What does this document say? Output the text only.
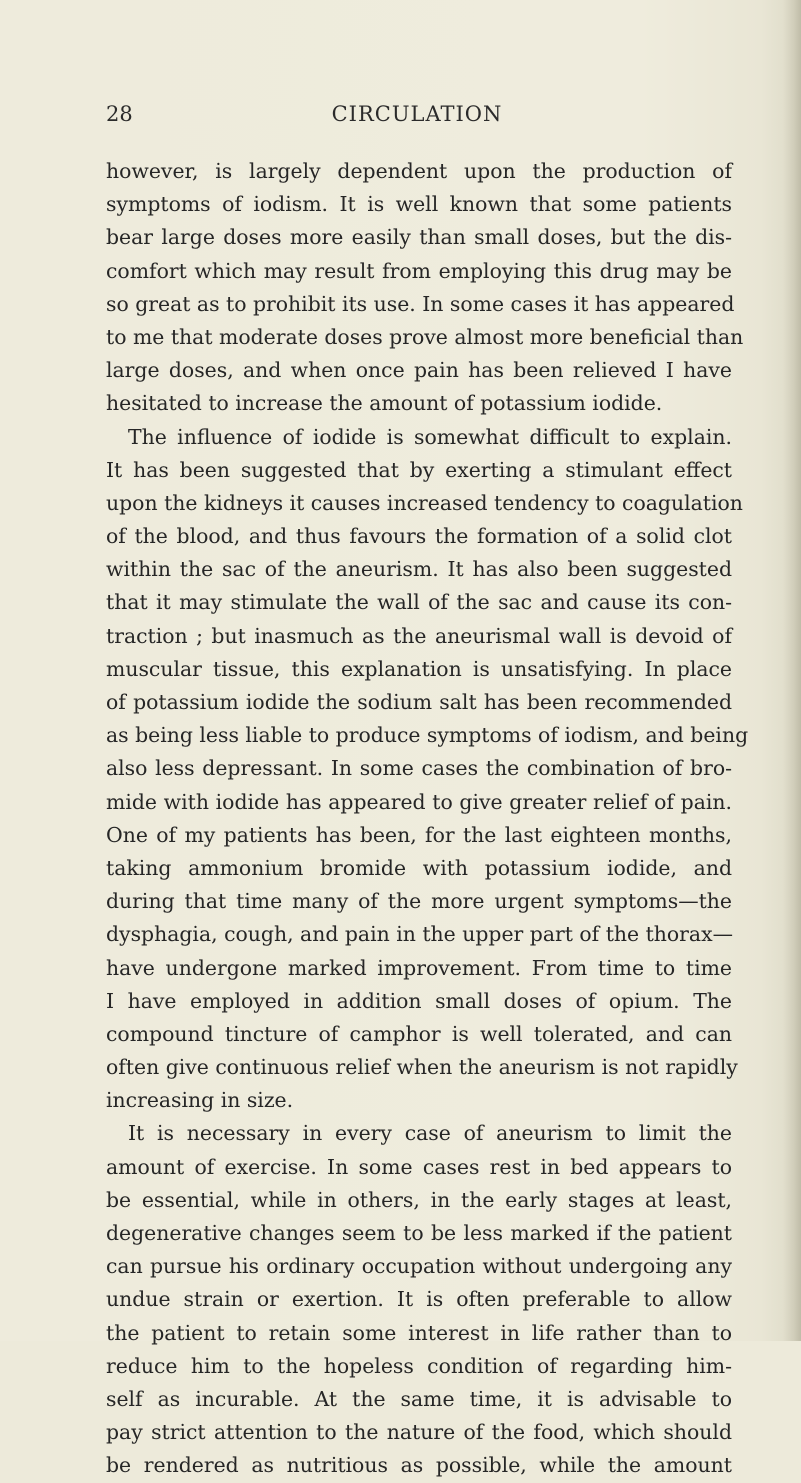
28	CIRCULATION
however, is largely dependent upon the production of
symptoms of iodism. It is well known that some patients
bear large doses more easily than small doses, but the dis-
comfort which may result from employing this drug may be
so great as to prohibit its use. In some cases it has appeared
to me that moderate doses prove almost more beneficial than
large doses, and when once pain has been relieved I have
hesitated to increase the amount of potassium iodide.
The influence of iodide is somewhat difficult to explain.
It has been suggested that by exerting a stimulant effect
upon the kidneys it causes increased tendency to coagulation
of the blood, and thus favours the formation of a solid clot
within the sac of the aneurism. It has also been suggested
that it may stimulate the wall of the sac and cause its con-
traction ; but inasmuch as the aneurismal wall is devoid of
muscular tissue, this explanation is unsatisfying. In place
of potassium iodide the sodium salt has been recommended
as being less liable to produce symptoms of iodism, and being
also less depressant. In some cases the combination of bro-
mide with iodide has appeared to give greater relief of pain.
One of my patients has been, for the last eighteen months,
taking ammonium bromide with potassium iodide, and
during that time many of the more urgent symptoms—the
dysphagia, cough, and pain in the upper part of the thorax—
have undergone marked improvement. From time to time
I have employed in addition small doses of opium. The
compound tincture of camphor is well tolerated, and can
often give continuous relief when the aneurism is not rapidly
increasing in size.
It is necessary in every case of aneurism to limit the
amount of exercise. In some cases rest in bed appears to
be essential, while in others, in the early stages at least,
degenerative changes seem to be less marked if the patient
can pursue his ordinary occupation without undergoing any
undue strain or exertion. It is often preferable to allow
the patient to retain some interest in life rather than to
reduce him to the hopeless condition of regarding him-
self as incurable. At the same time, it is advisable to
pay strict attention to the nature of the food, which should
be rendered as nutritious as possible, while the amount
